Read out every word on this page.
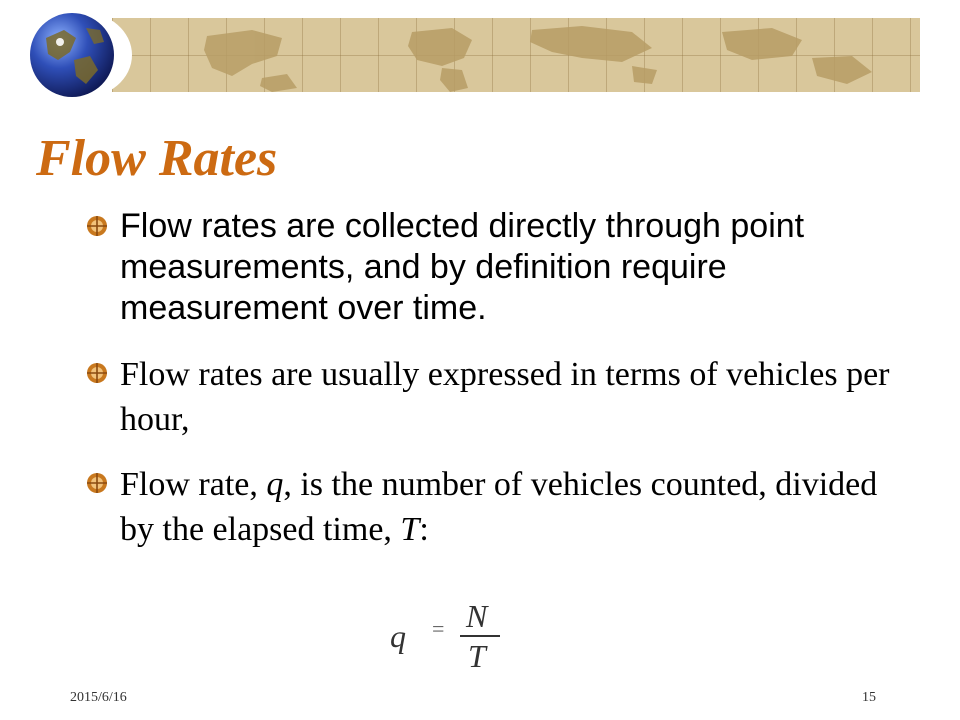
Flow Rates
Flow rates are collected directly through point measurements, and by definition require measurement over time.
Flow rates are usually expressed in terms of vehicles per hour,
Flow rate, q, is the number of vehicles counted, divided by the elapsed time, T:
q = N
T
2015/6/16	15
